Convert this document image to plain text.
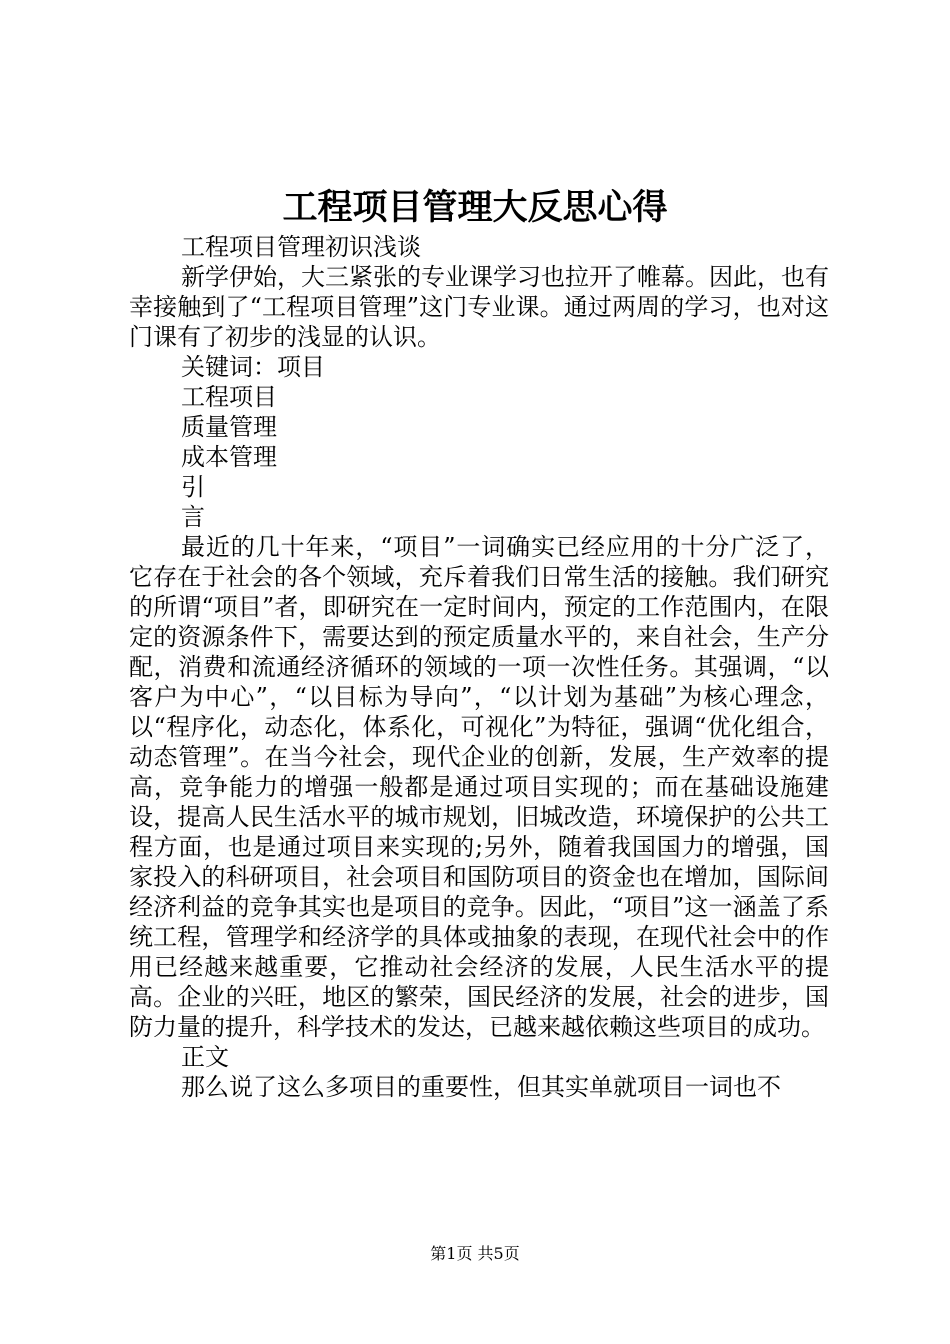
工程项目管理大反思心得

工程项目管理初识浅谈

新学伊始，大三紧张的专业课学习也拉开了帷幕。因此，也有幸接触到了“工程项目管理”这门专业课。通过两周的学习，也对这门课有了初步的浅显的认识。

关键词：项目

工程项目

质量管理

成本管理

引

言

最近的几十年来，“项目”一词确实已经应用的十分广泛了，它存在于社会的各个领域，充斥着我们日常生活的接触。我们研究的所谓“项目”者，即研究在一定时间内，预定的工作范围内，在限定的资源条件下，需要达到的预定质量水平的，来自社会，生产分配，消费和流通经济循环的领域的一项一次性任务。其强调，“以客户为中心”，“以目标为导向”，“以计划为基础”为核心理念，以“程序化，动态化，体系化，可视化”为特征，强调“优化组合，动态管理”。在当今社会，现代企业的创新，发展，生产效率的提高，竞争能力的增强一般都是通过项目实现的；而在基础设施建设，提高人民生活水平的城市规划，旧城改造，环境保护的公共工程方面，也是通过项目来实现的;另外，随着我国国力的增强，国家投入的科研项目，社会项目和国防项目的资金也在增加，国际间经济利益的竞争其实也是项目的竞争。因此，“项目”这一涵盖了系统工程，管理学和经济学的具体或抽象的表现，在现代社会中的作用已经越来越重要，它推动社会经济的发展，人民生活水平的提高。企业的兴旺，地区的繁荣，国民经济的发展，社会的进步，国防力量的提升，科学技术的发达，已越来越依赖这些项目的成功。

正文

那么说了这么多项目的重要性，但其实单就项目一词也不

第1页 共5页
